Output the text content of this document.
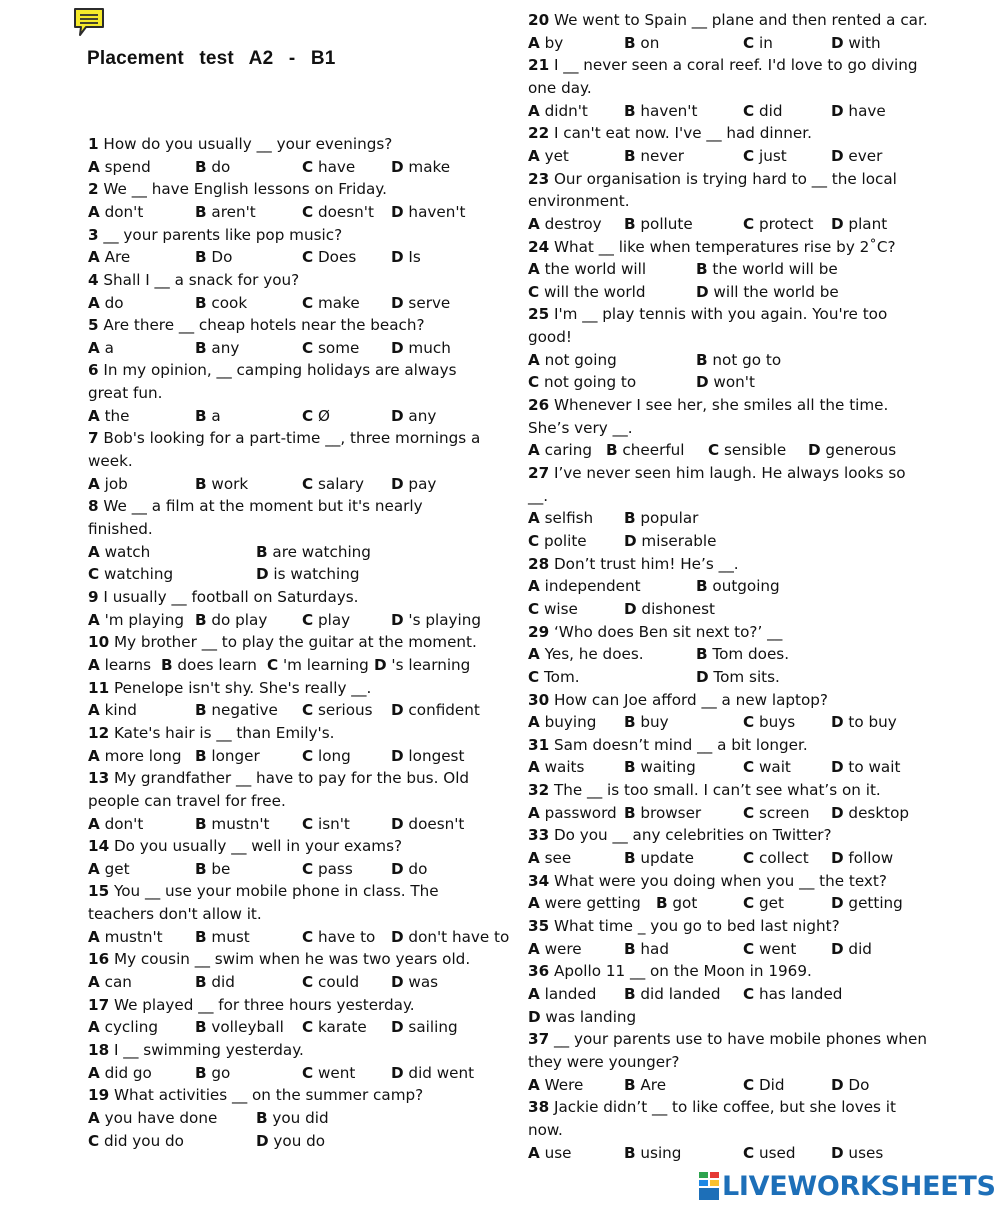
Placement test A2 - B1
1 How do you usually __ your evenings?
A spend	B do	C have D make
2 We __ have English lessons on Friday.
A don't	B aren't	C doesn't D haven't
3 __ your parents like pop music?
A Are	B Do	C Does D Is
4 Shall I __ a snack for you?
A do	B cook	C make D serve
5 Are there __ cheap hotels near the beach?
A a	B any	C some D much
6 In my opinion, __ camping holidays are always great fun.
A the	B a	C Ø	D any
7 Bob's looking for a part-time __, three mornings a week.
A job	B work	C salary D pay
8 We __ a film at the moment but it's nearly finished.
A watch	B are watching
C watching	D is watching
9 I usually __ football on Saturdays.
A 'm playing B do play C play	D 's playing
10 My brother __ to play the guitar at the moment.
A learns B does learn C 'm learning D 's learning
11 Penelope isn't shy. She's really __.
A kind	B negative C serious D confident
12 Kate's hair is __ than Emily's.
A more long B longer	C long	D longest
13 My grandfather __ have to pay for the bus. Old people can travel for free.
A don't	B mustn't C isn't	D doesn't
14 Do you usually __ well in your exams?
A get	B be	C pass	D do
15 You __ use your mobile phone in class. The teachers don't allow it.
A mustn't B must	C have to D don't have to
16 My cousin __ swim when he was two years old.
A can	B did	C could D was
17 We played __ for three hours yesterday.
A cycling B volleyball C karate D sailing
18 I __ swimming yesterday.
A did go	B go	C went D did went
19 What activities __ on the summer camp?
A you have done	B you did
C did you do	D you do
20 We went to Spain __ plane and then rented a car.
A by	B on	C in	D with
21 I __ never seen a coral reef. I'd love to go diving one day.
A didn't B haven't	C did	D have
22 I can't eat now. I've __ had dinner.
A yet	B never	C just	D ever
23 Our organisation is trying hard to __ the local environment.
A destroy B pollute	C protect D plant
24 What __ like when temperatures rise by 2˚C?
A the world will	B the world will be
C will the world	D will the world be
25 I'm __ play tennis with you again. You're too good!
A not going	B not go to
C not going to	D won't
26 Whenever I see her, she smiles all the time. She’s very __.
A caring B cheerful C sensible D generous
27 I’ve never seen him laugh. He always looks so __.
A selfish B popular
C polite D miserable
28 Don’t trust him! He’s __.
A independent	B outgoing
C wise	D dishonest
29 ‘Who does Ben sit next to?’ __
A Yes, he does.	B Tom does.
C Tom.	D Tom sits.
30 How can Joe afford __ a new laptop?
A buying B buy	C buys D to buy
31 Sam doesn’t mind __ a bit longer.
A waits	B waiting	C wait	D to wait
32 The __ is too small. I can’t see what’s on it.
A password B browser	C screen D desktop
33 Do you __ any celebrities on Twitter?
A see	B update	C collect D follow
34 What were you doing when you __ the text?
A were getting B got	C get	D getting
35 What time _ you go to bed last night?
A were	B had	C went D did
36 Apollo 11 __ on the Moon in 1969.
A landed B did landed C has landed
D was landing
37 __ your parents use to have mobile phones when they were younger?
A Were	B Are	C Did	D Do
38 Jackie didn’t __ to like coffee, but she loves it now.
A use	B using	C used D uses
LIVEWORKSHEETS
